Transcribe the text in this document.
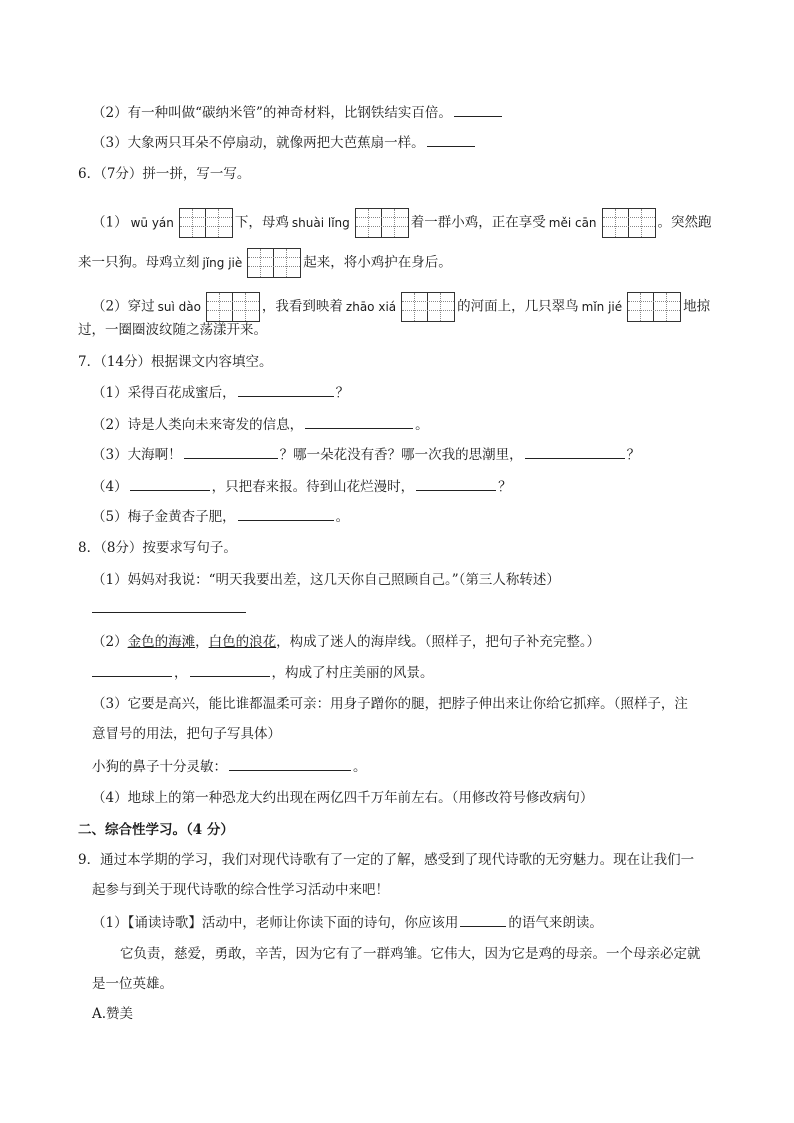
（2）有一种叫做“碳纳米管”的神奇材料，比钢铁结实百倍。
（3）大象两只耳朵不停扇动，就像两把大芭蕉扇一样。
6．（7分）拼一拼，写一写。
（1） wū yán	下，母鸡 shuài lǐng	着一群小鸡，正在享受 měi cān	。突然跑
来一只狗。母鸡立刻 jǐng jiè	起来，将小鸡护在身后。
（2）穿过 suì dào	，我看到映着 zhāo xiá	的河面上，几只翠鸟 mǐn jié	地掠
过，一圈圈波纹随之荡漾开来。
7．（14分）根据课文内容填空。
（1）采得百花成蜜后，	？
（2）诗是人类向未来寄发的信息，	。
（3）大海啊！	？哪一朵花没有香？哪一次我的思潮里，	？
（4）	，只把春来报。待到山花烂漫时，	？
（5）梅子金黄杏子肥，	。
8．（8分）按要求写句子。
（1）妈妈对我说：“明天我要出差，这几天你自己照顾自己。”（第三人称转述）
（2）金色的海滩，白色的浪花，构成了迷人的海岸线。（照样子，把句子补充完整。）
，	，构成了村庄美丽的风景。
（3）它要是高兴，能比谁都温柔可亲：用身子蹭你的腿，把脖子伸出来让你给它抓痒。（照样子，注
意冒号的用法，把句子写具体）
小狗的鼻子十分灵敏：	。
（4）地球上的第一种恐龙大约出现在两亿四千万年前左右。（用修改符号修改病句）
二、综合性学习。（4 分）
9．通过本学期的学习，我们对现代诗歌有了一定的了解，感受到了现代诗歌的无穷魅力。现在让我们一
起参与到关于现代诗歌的综合性学习活动中来吧！
（1）【诵读诗歌】活动中，老师让你读下面的诗句，你应该用	的语气来朗读。
它负责，慈爱，勇敢，辛苦，因为它有了一群鸡雏。它伟大，因为它是鸡的母亲。一个母亲必定就
是一位英雄。
A.赞美
